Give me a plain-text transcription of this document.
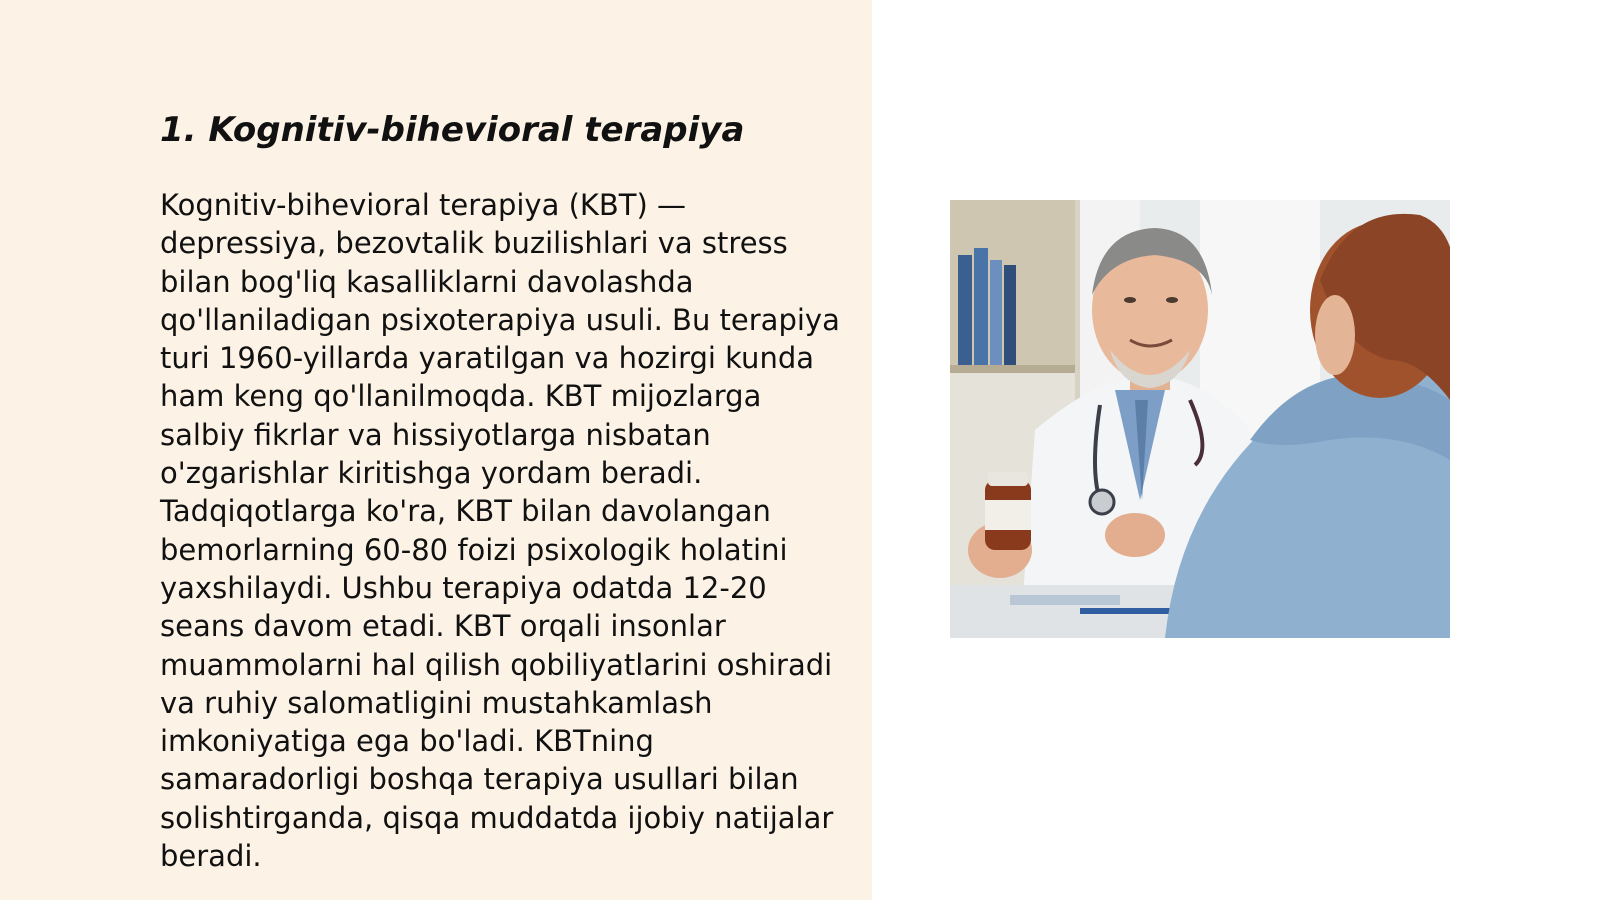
1. Kognitiv-bihevioral terapiya

Kognitiv-bihevioral terapiya (KBT) — depressiya, bezovtalik buzilishlari va stress bilan bog'liq kasalliklarni davolashda qo'llaniladigan psixoterapiya usuli. Bu terapiya turi 1960-yillarda yaratilgan va hozirgi kunda ham keng qo'llanilmoqda. KBT mijozlarga salbiy fikrlar va hissiyotlarga nisbatan o'zgarishlar kiritishga yordam beradi. Tadqiqotlarga ko'ra, KBT bilan davolangan bemorlarning 60-80 foizi psixologik holatini yaxshilaydi. Ushbu terapiya odatda 12-20 seans davom etadi. KBT orqali insonlar muammolarni hal qilish qobiliyatlarini oshiradi va ruhiy salomatligini mustahkamlash imkoniyatiga ega bo'ladi. KBTning samaradorligi boshqa terapiya usullari bilan solishtirganda, qisqa muddatda ijobiy natijalar beradi.
